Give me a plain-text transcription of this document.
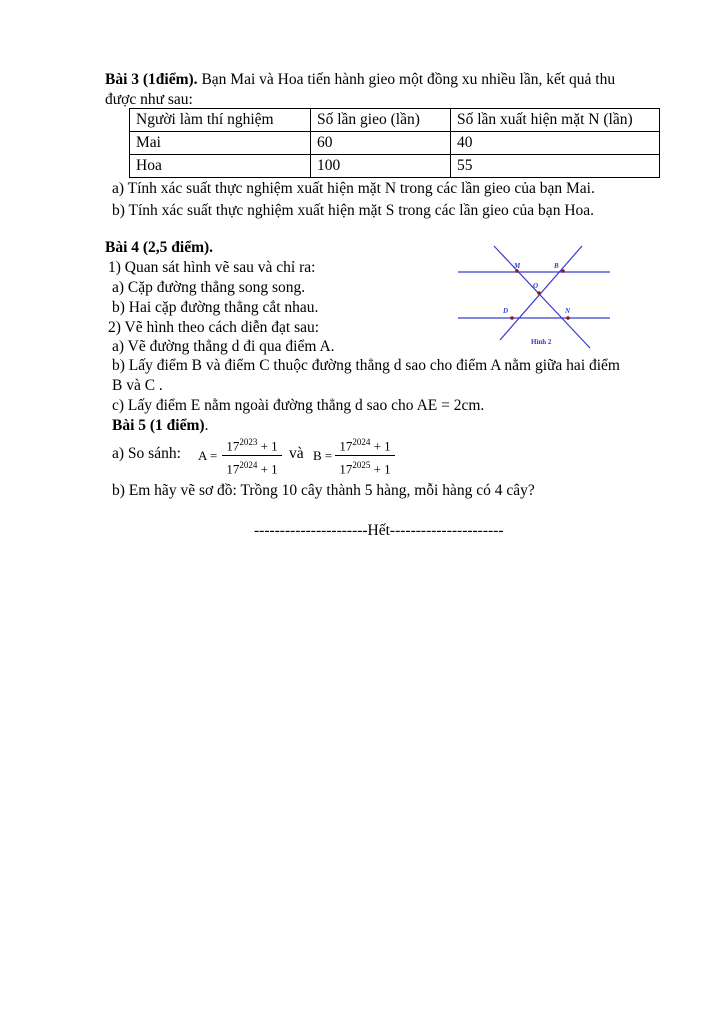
Bài 3 (1điểm). Bạn Mai và Hoa tiến hành gieo một đồng xu nhiều lần, kết quả thu
được như sau:
Người làm thí nghiệm	Số lần gieo (lần)	Số lần xuất hiện mặt N (lần)
Mai	60	40
Hoa	100	55
a) Tính xác suất thực nghiệm xuất hiện mặt N trong các lần gieo của bạn Mai.
b) Tính xác suất thực nghiệm xuất hiện mặt S trong các lần gieo của bạn Hoa.
Bài 4 (2,5 điểm).
1) Quan sát hình vẽ sau và chỉ ra:
a) Cặp đường thẳng song song.
b) Hai cặp đường thẳng cắt nhau.
2) Vẽ hình theo cách diễn đạt sau:
a) Vẽ đường thẳng d đi qua điểm A.
b) Lấy điểm B và điểm C thuộc đường thẳng d sao cho điểm A nằm giữa hai điểm
B và C .
c) Lấy điểm E nằm ngoài đường thẳng d sao cho AE = 2cm.
M	B
O
D	N
Hình 2
Bài 5 (1 điểm).
a) So sánh: A =
$17^{2023} + 1$
$17^{2024} + 1$
và B =
$17^{2024} + 1$
$17^{2025} + 1$
b) Em hãy vẽ sơ đồ: Trồng 10 cây thành 5 hàng, mỗi hàng có 4 cây?
----------------------Hết----------------------
